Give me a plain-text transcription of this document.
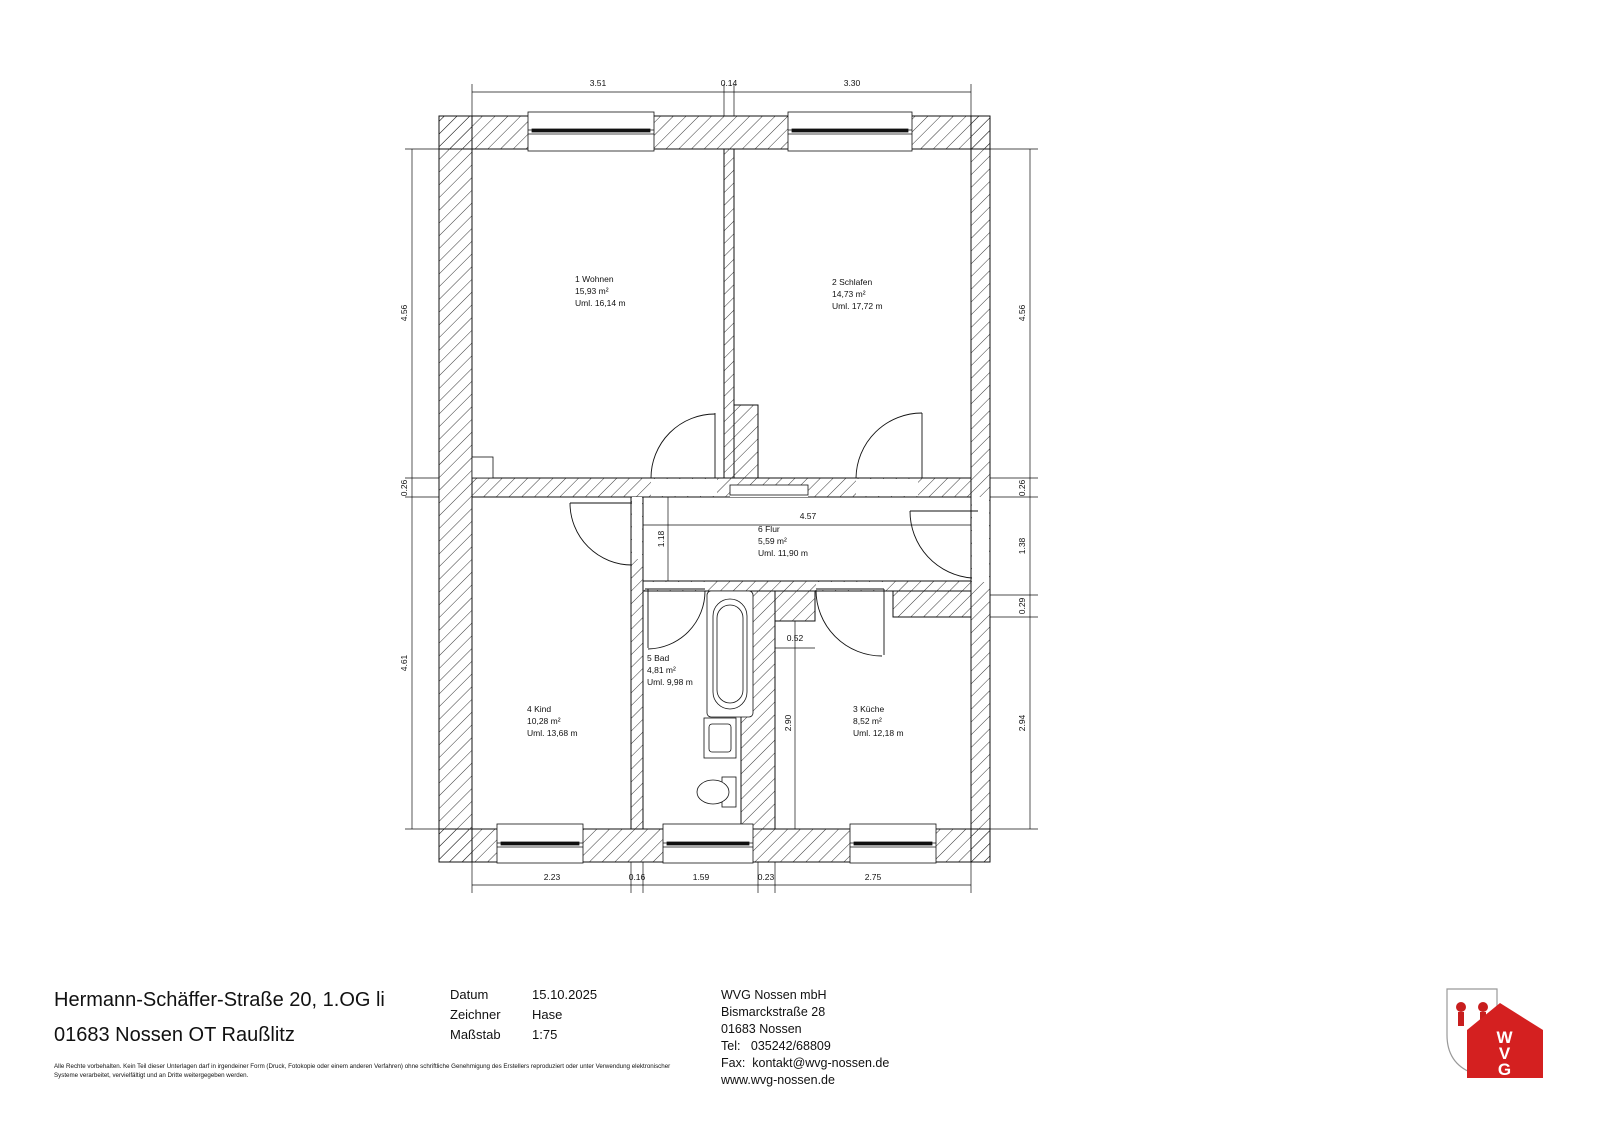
3.51	0.14	3.30
2.23	0.16	1.59	0.23	2.75
4.56
0.26
4.61
4.56
0.26
1.38
0.29
2.94
4.57
1.18
2.90
0.52
1 Wohnen
15,93 m²
Uml. 16,14 m
2 Schlafen
14,73 m²
Uml. 17,72 m
3 Küche
8,52 m²
Uml. 12,18 m
4 Kind
10,28 m²
Uml. 13,68 m
5 Bad
4,81 m²
Uml. 9,98 m
6 Flur
5,59 m²
Uml. 11,90 m
Hermann-Schäffer-Straße 20, 1.OG li
01683 Nossen OT Raußlitz
Alle Rechte vorbehalten. Kein Teil dieser Unterlagen darf in irgendeiner Form (Druck, Fotokopie oder einem anderen Verfahren) ohne schriftliche Genehmigung des Erstellers reproduziert oder unter Verwendung elektronischer Systeme verarbeitet, vervielfältigt und an Dritte weitergegeben werden.
Datum	15.10.2025
Zeichner Hase
Maßstab 1:75
WVG Nossen mbH
Bismarckstraße 28
01683 Nossen
Tel: 035242/68809
Fax: kontakt@wvg-nossen.de
www.wvg-nossen.de
W V G
